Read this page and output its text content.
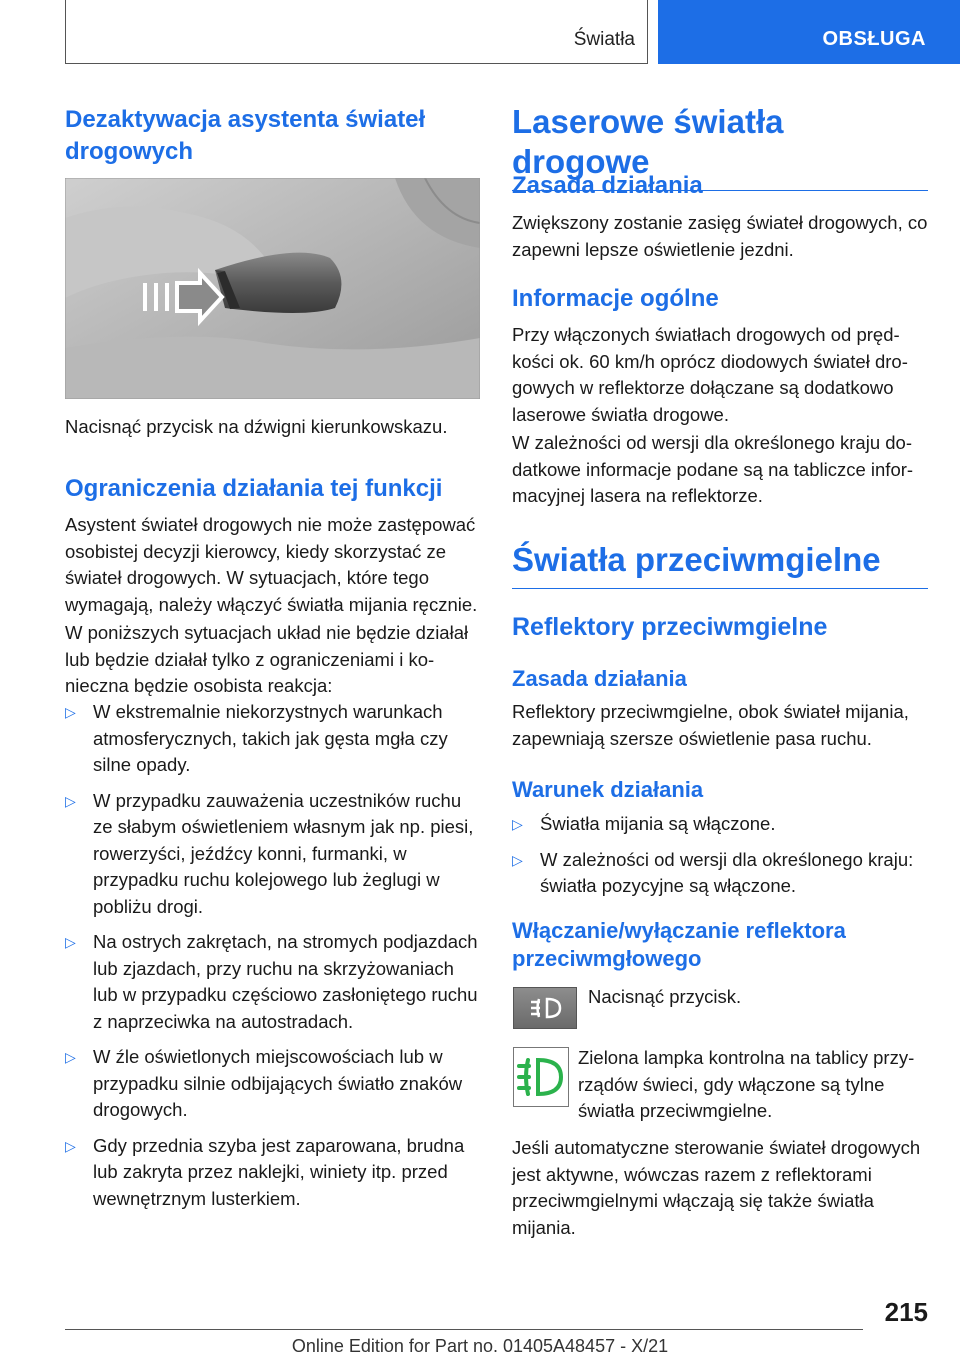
Światła	OBSŁUGA
Dezaktywacja asystenta świateł drogowych

Nacisnąć przycisk na dźwigni kierunkowskazu.

Ograniczenia działania tej funkcji

Asystent świateł drogowych nie może zastępować osobistej decyzji kierowcy, kiedy skorzystać ze świateł drogowych. W sytuacjach, które tego wymagają, należy włączyć światła mijania ręcznie.

W poniższych sytuacjach układ nie będzie działał lub będzie działał tylko z ograniczeniami i konieczna będzie osobista reakcja:

▷ W ekstremalnie niekorzystnych warunkach atmosferycznych, takich jak gęsta mgła czy silne opady.
▷ W przypadku zauważenia uczestników ruchu ze słabym oświetleniem własnym jak np. piesi, rowerzyści, jeźdźcy konni, furmanki, w przypadku ruchu kolejowego lub żeglugi w pobliżu drogi.
▷ Na ostrych zakrętach, na stromych podjazdach lub zjazdach, przy ruchu na skrzyżowaniach lub w przypadku częściowo zasłoniętego ruchu z naprzeciwka na autostradach.
▷ W źle oświetlonych miejscowościach lub w przypadku silnie odbijających światło znaków drogowych.
▷ Gdy przednia szyba jest zaparowana, brudna lub zakryta przez naklejki, winiety itp. przed wewnętrznym lusterkiem.
Laserowe światła drogowe
Zasada działania

Zwiększony zostanie zasięg świateł drogowych, co zapewni lepsze oświetlenie jezdni.

Informacje ogólne

Przy włączonych światłach drogowych od prędkości ok. 60 km/h oprócz diodowych świateł drogowych w reflektorze dołączane są dodatkowo laserowe światła drogowe.

W zależności od wersji dla określonego kraju dodatkowe informacje podane są na tabliczce informacyjnej lasera na reflektorze.

Światła przeciwmgielne
Reflektory przeciwmgielne
Zasada działania

Reflektory przeciwmgielne, obok świateł mijania, zapewniają szersze oświetlenie pasa ruchu.

Warunek działania
▷ Światła mijania są włączone.
▷ W zależności od wersji dla określonego kraju: światła pozycyjne są włączone.
Włączanie/wyłączanie reflektora przeciwmgłowego

Nacisnąć przycisk.

Zielona lampka kontrolna na tablicy przyrządów świeci, gdy włączone są tylne światła przeciwmgielne.

Jeśli automatyczne sterowanie świateł drogowych jest aktywne, wówczas razem z reflektorami przeciwmgielnymi włączają się także światła mijania.

215
Online Edition for Part no. 01405A48457 - X/21
